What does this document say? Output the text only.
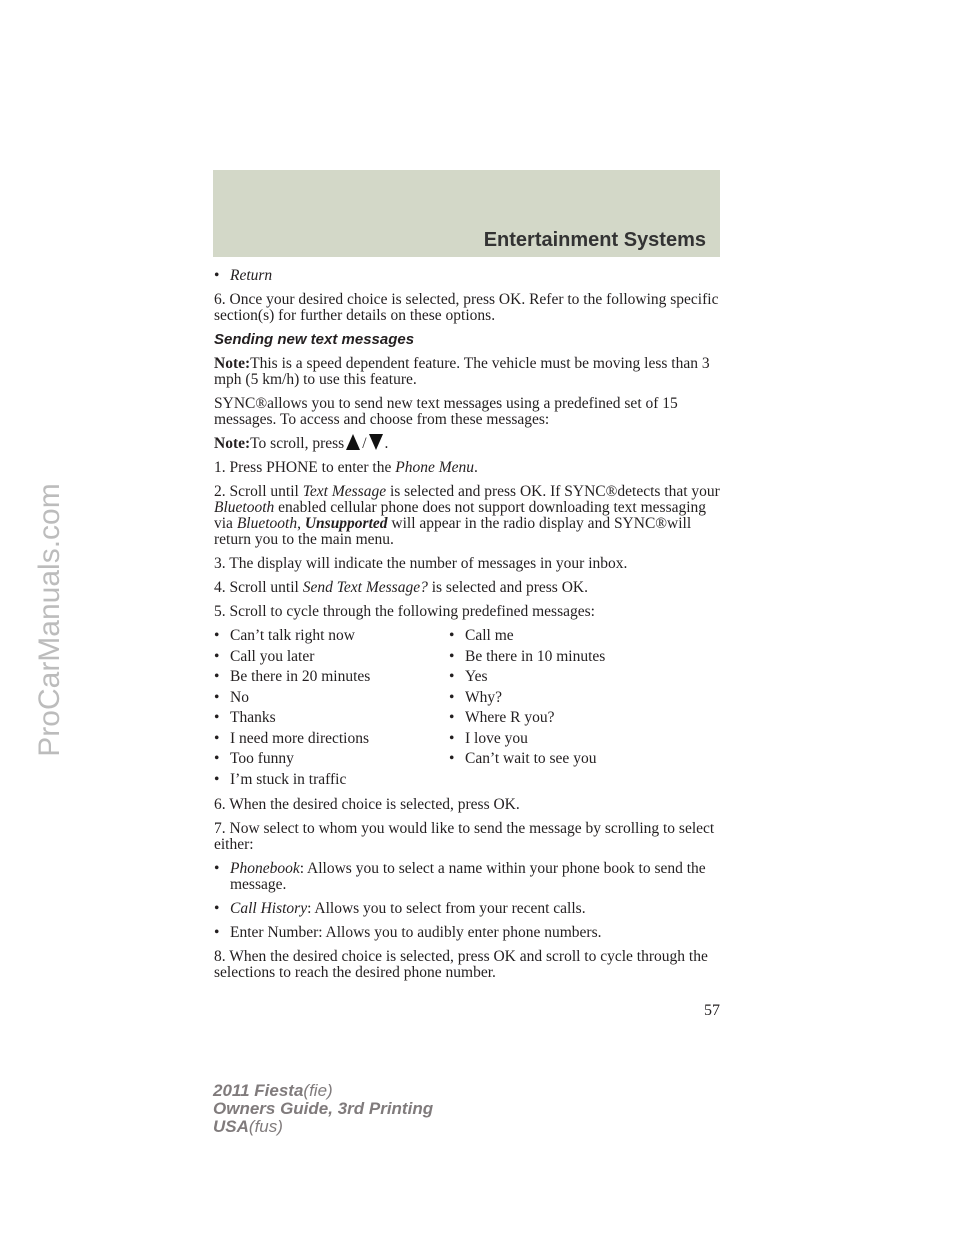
Entertainment Systems
ProCarManuals.com
• Return

6. Once your desired choice is selected, press OK. Refer to the following specific section(s) for further details on these options.

Sending new text messages

Note:This is a speed dependent feature. The vehicle must be moving less than 3 mph (5 km/h) to use this feature.

SYNC®allows you to send new text messages using a predefined set of 15 messages. To access and choose from these messages:

Note:To scroll, press / .

1. Press PHONE to enter the Phone Menu.

2. Scroll until Text Message is selected and press OK. If SYNC®detects that your Bluetooth enabled cellular phone does not support downloading text messaging via Bluetooth, Unsupported will appear in the radio display and SYNC®will return you to the main menu.

3. The display will indicate the number of messages in your inbox.

4. Scroll until Send Text Message? is selected and press OK.

5. Scroll to cycle through the following predefined messages:

• Can’t talk right now
• Call you later
• Be there in 20 minutes
• No
• Thanks
• I need more directions
• Too funny
• I’m stuck in traffic
• Call me
• Be there in 10 minutes
• Yes
• Why?
• Where R you?
• I love you
• Can’t wait to see you

6. When the desired choice is selected, press OK.

7. Now select to whom you would like to send the message by scrolling to select either:

• Phonebook: Allows you to select a name within your phone book to send the message.
• Call History: Allows you to select from your recent calls.
• Enter Number: Allows you to audibly enter phone numbers.

8. When the desired choice is selected, press OK and scroll to cycle through the selections to reach the desired phone number.

57
2011 Fiesta(fie)
Owners Guide, 3rd Printing
USA(fus)
